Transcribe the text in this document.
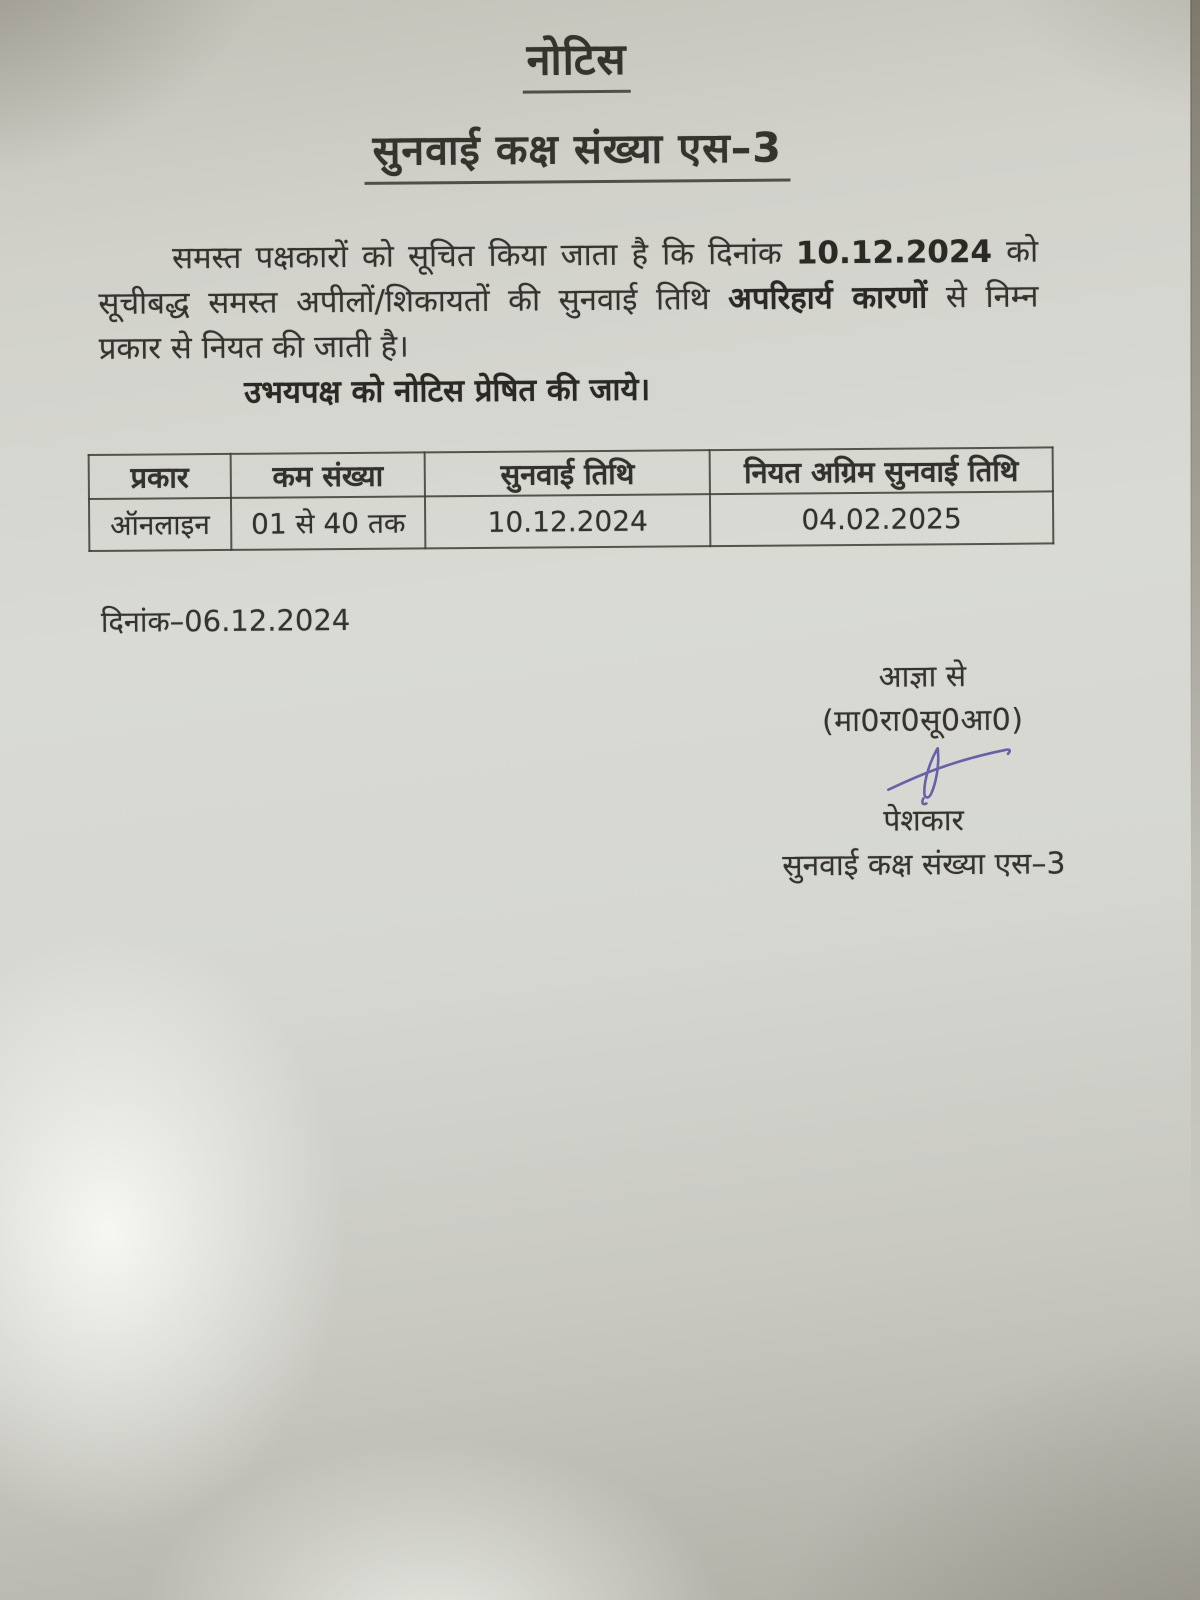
नोटिस
सुनवाई कक्ष संख्या एस–3
समस्त पक्षकारों को सूचित किया जाता है कि दिनांक 10.12.2024 को
सूचीबद्ध समस्त अपीलों/शिकायतों की सुनवाई तिथि अपरिहार्य कारणों से निम्न
प्रकार से नियत की जाती है।
उभयपक्ष को नोटिस प्रेषित की जाये।
प्रकार	कम संख्या	सुनवाई तिथि	नियत अग्रिम सुनवाई तिथि
ऑनलाइन	01 से 40 तक	10.12.2024	04.02.2025
दिनांक–06.12.2024
आज्ञा से
(मा0रा0सू0आ0)
पेशकार
सुनवाई कक्ष संख्या एस–3
